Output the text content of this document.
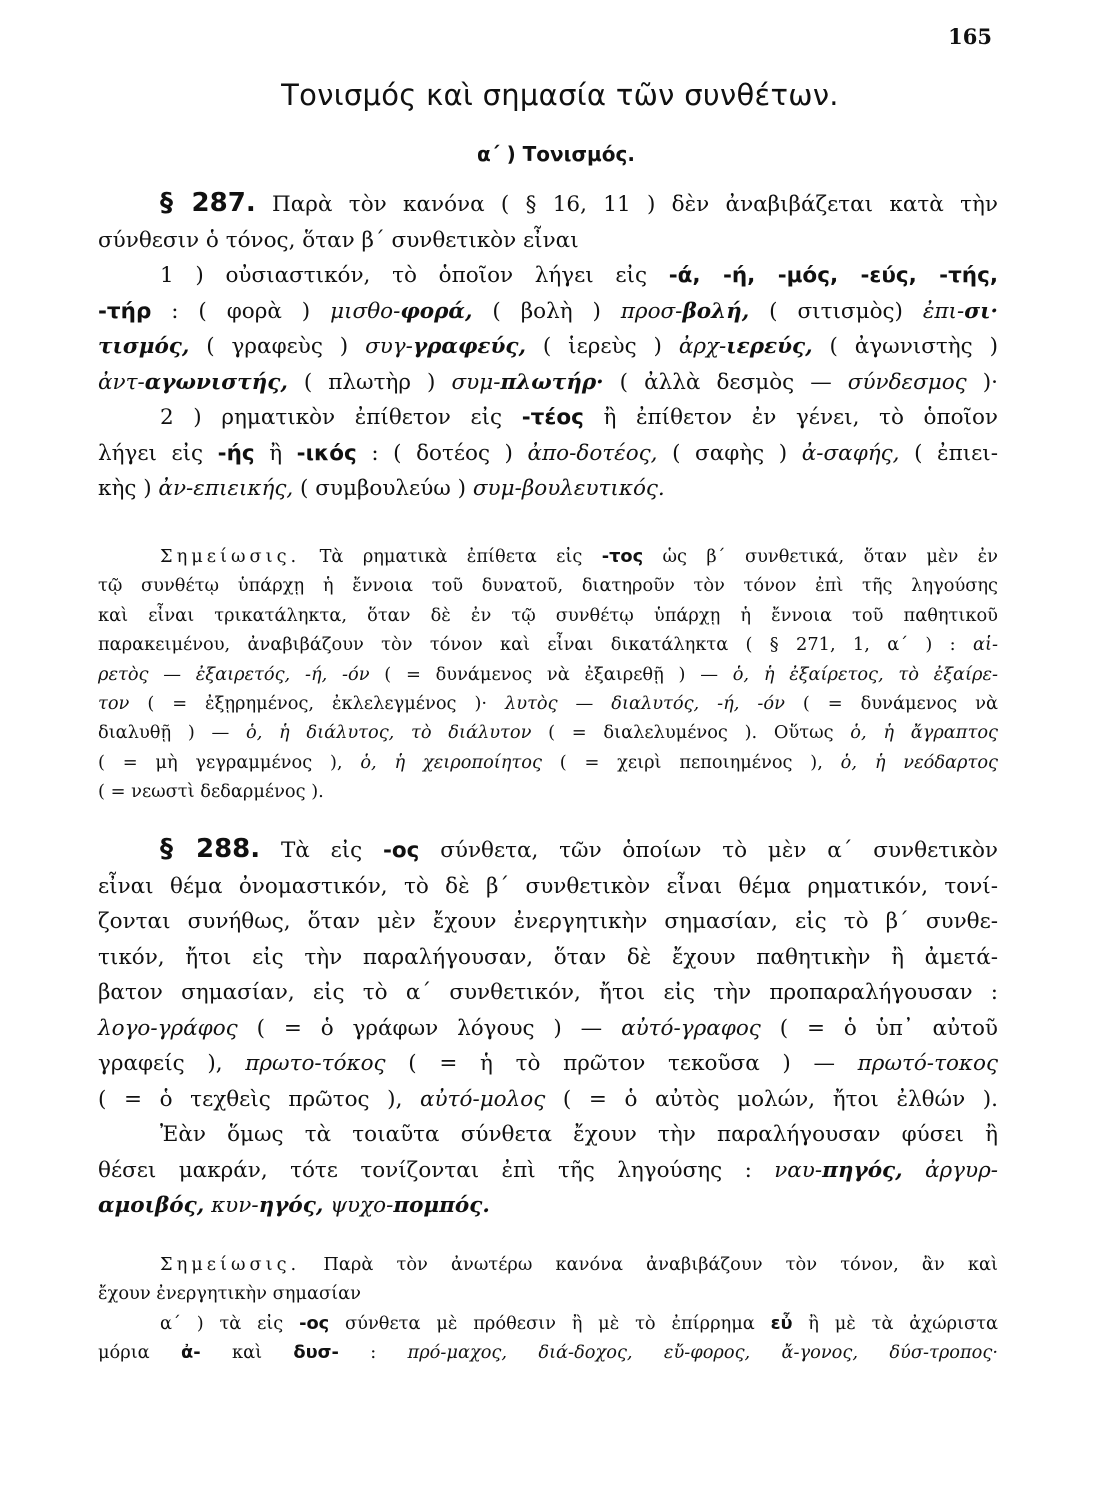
165
Τονισμός καὶ σημασία τῶν συνθέτων.
α΄ ) Τονισμός.
§ 287. Παρὰ τὸν κανόνα ( § 16, 11 ) δὲν ἀναβιβάζεται κατὰ τὴν
σύνθεσιν ὁ τόνος, ὅταν β΄ συνθετικὸν εἶναι
1 ) οὐσιαστικόν, τὸ ὁποῖον λήγει εἰς -ά, -ή, -μός, -εύς, -τής,
-τήρ : ( φορὰ ) μισθο-φορά, ( βολὴ ) προσ-βολή, ( σιτισμὸς) ἐπι-σι·
τισμός, ( γραφεὺς ) συγ-γραφεύς, ( ἱερεὺς ) ἀρχ-ιερεύς, ( ἀγωνιστὴς )
ἀντ-αγωνιστής, ( πλωτὴρ ) συμ-πλωτήρ· ( ἀλλὰ δεσμὸς — σύνδεσμος )·
2 ) ρηματικὸν ἐπίθετον εἰς -τέος ἢ ἐπίθετον ἐν γένει, τὸ ὁποῖον
λήγει εἰς -ής ἢ -ικός : ( δοτέος ) ἀπο-δοτέος, ( σαφὴς ) ἀ-σαφής, ( ἐπιει-
κὴς ) ἀν-επιεικής, ( συμβουλεύω ) συμ-βουλευτικός.
Σημείωσις. Τὰ ρηματικὰ ἐπίθετα εἰς -τος ὡς β΄ συνθετικά, ὅταν μὲν ἐν
τῷ συνθέτῳ ὑπάρχῃ ἡ ἔννοια τοῦ δυνατοῦ, διατηροῦν τὸν τόνον ἐπὶ τῆς ληγούσης
καὶ εἶναι τρικατάληκτα, ὅταν δὲ ἐν τῷ συνθέτῳ ὑπάρχῃ ἡ ἔννοια τοῦ παθητικοῦ
παρακειμένου, ἀναβιβάζουν τὸν τόνον καὶ εἶναι δικατάληκτα ( § 271, 1, α΄ ) : αἱ-
ρετὸς — ἐξαιρετός, -ή, -όν ( = δυνάμενος νὰ ἐξαιρεθῇ ) — ὁ, ἡ ἐξαίρετος, τὸ ἐξαίρε-
τον ( = ἐξῃρημένος, ἐκλελεγμένος )· λυτὸς — διαλυτός, -ή, -όν ( = δυνάμενος νὰ
διαλυθῇ ) — ὁ, ἡ διάλυτος, τὸ διάλυτον ( = διαλελυμένος ). Οὕτως ὁ, ἡ ἄγραπτος
( = μὴ γεγραμμένος ), ὁ, ἡ χειροποίητος ( = χειρὶ πεποιημένος ), ὁ, ἡ νεόδαρτος
( = νεωστὶ δεδαρμένος ).
§ 288. Τὰ εἰς -ος σύνθετα, τῶν ὁποίων τὸ μὲν α΄ συνθετικὸν
εἶναι θέμα ὀνομαστικόν, τὸ δὲ β΄ συνθετικὸν εἶναι θέμα ρηματικόν, τονί-
ζονται συνήθως, ὅταν μὲν ἔχουν ἐνεργητικὴν σημασίαν, εἰς τὸ β΄ συνθε-
τικόν, ἤτοι εἰς τὴν παραλήγουσαν, ὅταν δὲ ἔχουν παθητικὴν ἢ ἀμετά-
βατον σημασίαν, εἰς τὸ α΄ συνθετικόν, ἤτοι εἰς τὴν προπαραλήγουσαν :
λογο-γράφος ( = ὁ γράφων λόγους ) — αὐτό-γραφος ( = ὁ ὑπ᾿ αὐτοῦ
γραφείς ), πρωτο-τόκος ( = ἡ τὸ πρῶτον τεκοῦσα ) — πρωτό-τοκος
( = ὁ τεχθεὶς πρῶτος ), αὐτό-μολος ( = ὁ αὐτὸς μολών, ἤτοι ἐλθών ).
Ἐὰν ὅμως τὰ τοιαῦτα σύνθετα ἔχουν τὴν παραλήγουσαν φύσει ἢ
θέσει μακράν, τότε τονίζονται ἐπὶ τῆς ληγούσης : ναυ-πηγός, ἀργυρ-
αμοιβός, κυν-ηγός, ψυχο-πομπός.
Σημείωσις. Παρὰ τὸν ἀνωτέρω κανόνα ἀναβιβάζουν τὸν τόνον, ἂν καὶ
ἔχουν ἐνεργητικὴν σημασίαν
α΄ ) τὰ εἰς -ος σύνθετα μὲ πρόθεσιν ἢ μὲ τὸ ἐπίρρημα εὖ ἢ μὲ τὰ ἀχώριστα
μόρια ἀ- καὶ δυσ- : πρό-μαχος, διά-δοχος, εὔ-φορος, ἄ-γονος, δύσ-τροπος·
